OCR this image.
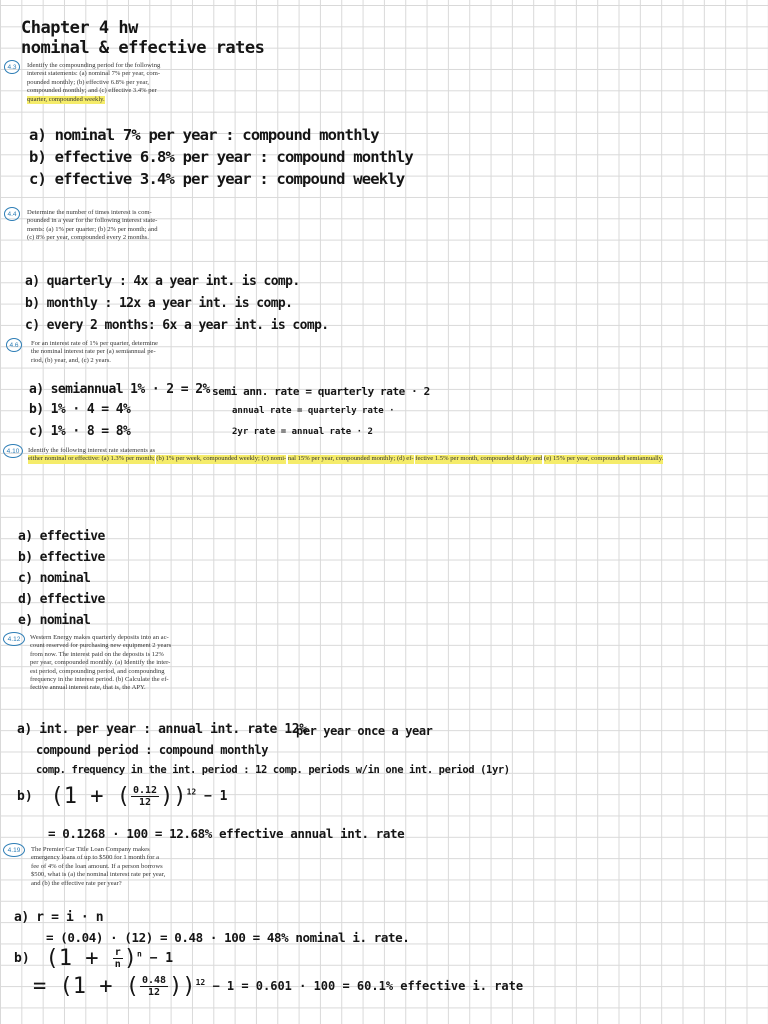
Chapter 4 hw
nominal & effective rates
4.3	Identify the compounding period for the following
interest statements: (a) nominal 7% per year, com-
pounded monthly; (b) effective 6.8% per year,
compounded monthly; and (c) effective 3.4% per
quarter, compounded weekly.
a) nominal 7% per year : compound monthly
b) effective 6.8% per year : compound monthly
c) effective 3.4% per year : compound weekly
4.4	Determine the number of times interest is com-
pounded in a year for the following interest state-
ments: (a) 1% per quarter; (b) 2% per month; and
(c) 8% per year, compounded every 2 months.
a) quarterly : 4x a year int. is comp.
b) monthly : 12x a year int. is comp.
c) every 2 months: 6x a year int. is comp.
4.6	For an interest rate of 1% per quarter, determine
the nominal interest rate per (a) semiannual pe-
riod, (b) year, and, (c) 2 years.
a) semiannual 1% · 2 = 2%
b) 1% · 4 = 4%
c) 1% · 8 = 8%
semi ann. rate = quarterly rate · 2
annual rate = quarterly rate ·
2yr rate = annual rate · 2
4.10	Identify the following interest rate statements as
either nominal or effective: (a) 1.3% per month; (b) 1% per week, compounded weekly; (c) nomi- nal 15% per year, compounded monthly; (d) ef- fective 1.5% per month, compounded daily; and (e) 15% per year, compounded semiannually.
a) effective
b) effective
c) nominal
d) effective
e) nominal
4.12	Western Energy makes quarterly deposits into an ac-
count reserved for purchasing new equipment 2 years
from now. The interest paid on the deposits is 12%
per year, compounded monthly. (a) Identify the inter-
est period, compounding period, and compounding
frequency in the interest period. (b) Calculate the ef-
fective annual interest rate, that is, the APY.
a) int. per year : annual int. rate 12%
per year once a year
compound period : compound monthly
comp. frequency in the int. period : 12 comp. periods w/in one int. period (1yr)
b) (1 + ( $\frac{0.12}{12} ))^{12} - 1$
= 0.1268 · 100 = 12.68% effective annual int. rate
4.19	The Premier Car Title Loan Company makes
emergency loans of up to $500 for 1 month for a
fee of 4% of the loan amount. If a person borrows
$500, what is (a) the nominal interest rate per year,
and (b) the effective rate per year?
a) r = i · n
= (0.04) · (12) = 0.48 · 100 = 48% nominal i. rate.
b) $(1 + \frac{r}{n} )^n - 1$
= (1 + ( $\frac{0.48}{12} ))^{12} - 1 = 0.601 \cdot 100 = 60.1\%$ effective i. rate
